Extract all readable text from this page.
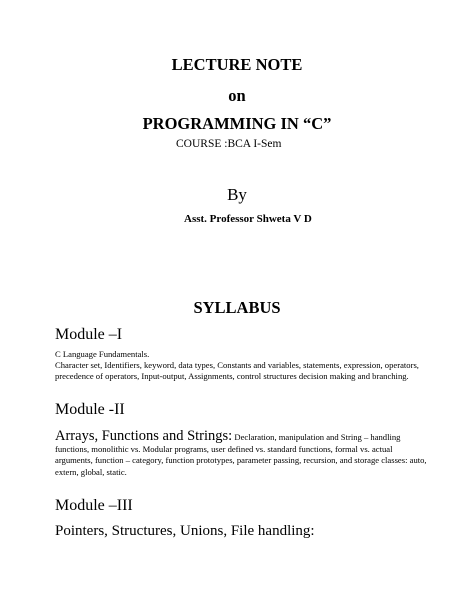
LECTURE NOTE
on
PROGRAMMING IN “C”
COURSE :BCA I-Sem
By
Asst. Professor Shweta V D
SYLLABUS
Module –I
C Language Fundamentals.
Character set, Identifiers, keyword, data types, Constants and variables, statements, expression, operators, precedence of operators, Input-output, Assignments, control structures decision making and branching.
Module -II

Arrays, Functions and Strings: Declaration, manipulation and String – handling functions, monolithic vs. Modular programs, user defined vs. standard functions, formal vs. actual arguments, function – category, function prototypes, parameter passing, recursion, and storage classes: auto, extern, global, static.

Module –III
Pointers, Structures, Unions, File handling:
